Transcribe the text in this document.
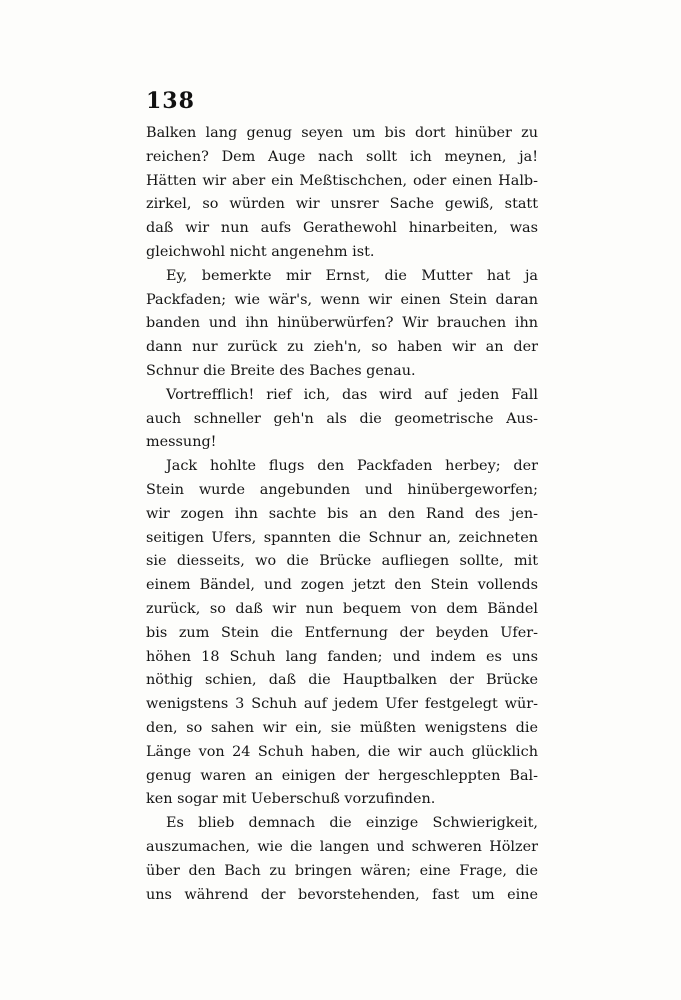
138
Balken lang genug seyen um bis dort hinüber zu
reichen? Dem Auge nach sollt ich meynen, ja!
Hätten wir aber ein Meßtischchen, oder einen Halb-
zirkel, so würden wir unsrer Sache gewiß, statt
daß wir nun aufs Gerathewohl hinarbeiten, was
gleichwohl nicht angenehm ist.
Ey, bemerkte mir Ernst, die Mutter hat ja
Packfaden; wie wär's, wenn wir einen Stein daran
banden und ihn hinüberwürfen? Wir brauchen ihn
dann nur zurück zu zieh'n, so haben wir an der
Schnur die Breite des Baches genau.
Vortrefflich! rief ich, das wird auf jeden Fall
auch schneller geh'n als die geometrische Aus-
messung!
Jack hohlte flugs den Packfaden herbey; der
Stein wurde angebunden und hinübergeworfen;
wir zogen ihn sachte bis an den Rand des jen-
seitigen Ufers, spannten die Schnur an, zeichneten
sie diesseits, wo die Brücke aufliegen sollte, mit
einem Bändel, und zogen jetzt den Stein vollends
zurück, so daß wir nun bequem von dem Bändel
bis zum Stein die Entfernung der beyden Ufer-
höhen 18 Schuh lang fanden; und indem es uns
nöthig schien, daß die Hauptbalken der Brücke
wenigstens 3 Schuh auf jedem Ufer festgelegt wür-
den, so sahen wir ein, sie müßten wenigstens die
Länge von 24 Schuh haben, die wir auch glücklich
genug waren an einigen der hergeschleppten Bal-
ken sogar mit Ueberschuß vorzufinden.
Es blieb demnach die einzige Schwierigkeit,
auszumachen, wie die langen und schweren Hölzer
über den Bach zu bringen wären; eine Frage, die
uns während der bevorstehenden, fast um eine
